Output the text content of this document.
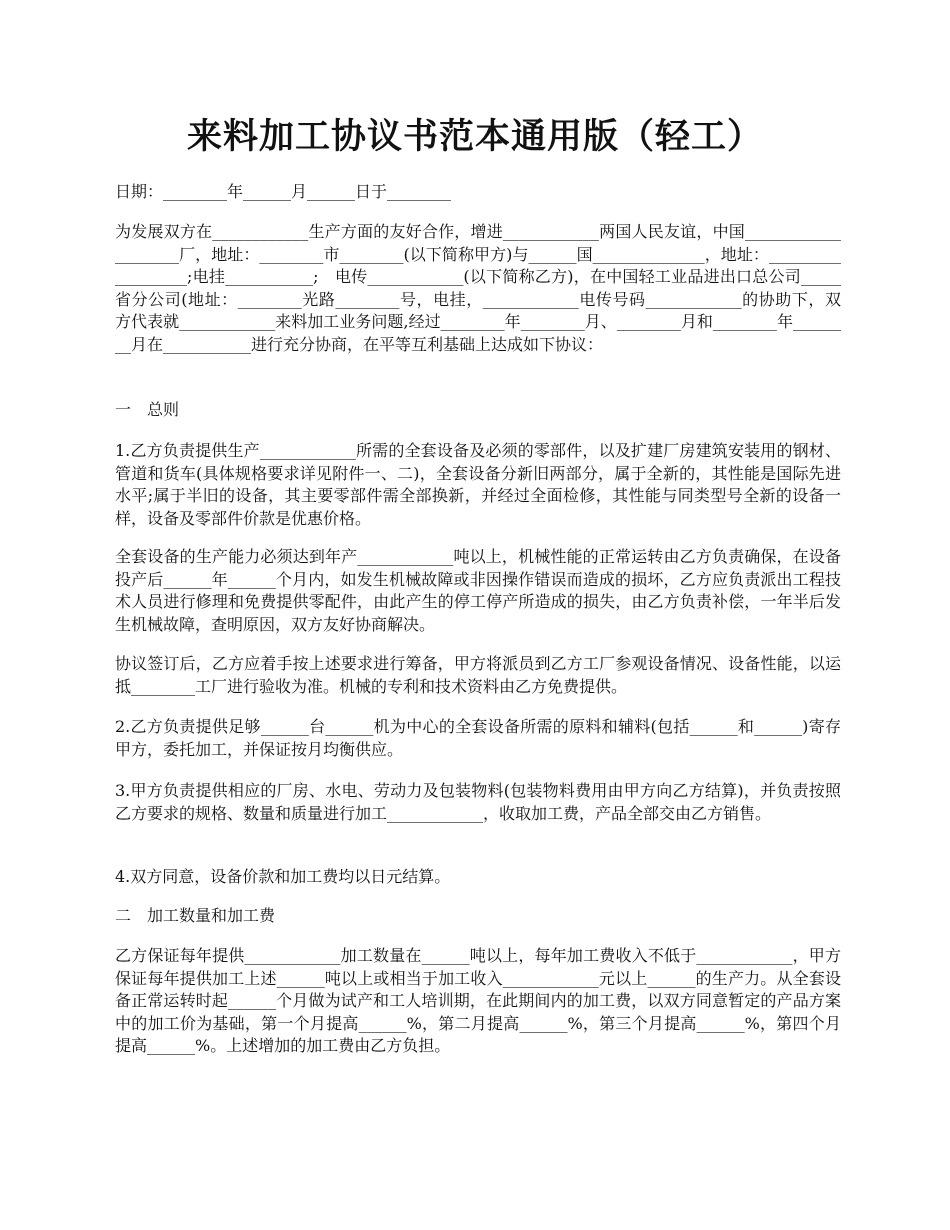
来料加工协议书范本通用版（轻工）

日期：________年______月______日于________

为发展双方在____________生产方面的友好合作，增进____________两国人民友谊，中国____________________厂，地址：________市________(以下简称甲方)与______国______________，地址：__________________;电挂___________;　电传____________(以下简称乙方)，在中国轻工业品进出口总公司_____省分公司(地址：________光路________号，电挂，____________电传号码____________的协助下，双方代表就____________来料加工业务问题,经过________年________月、________月和________年________月在___________进行充分协商，在平等互利基础上达成如下协议：

一　总则

1.乙方负责提供生产____________所需的全套设备及必须的零部件，以及扩建厂房建筑安装用的钢材、管道和货车(具体规格要求详见附件一、二)，全套设备分新旧两部分，属于全新的，其性能是国际先进水平;属于半旧的设备，其主要零部件需全部换新，并经过全面检修，其性能与同类型号全新的设备一样，设备及零部件价款是优惠价格。

全套设备的生产能力必须达到年产____________吨以上，机械性能的正常运转由乙方负责确保，在设备投产后______年______个月内，如发生机械故障或非因操作错误而造成的损坏，乙方应负责派出工程技术人员进行修理和免费提供零配件，由此产生的停工停产所造成的损失，由乙方负责补偿，一年半后发生机械故障，查明原因，双方友好协商解决。

协议签订后，乙方应着手按上述要求进行筹备，甲方将派员到乙方工厂参观设备情况、设备性能，以运抵________工厂进行验收为准。机械的专利和技术资料由乙方免费提供。

2.乙方负责提供足够______台______机为中心的全套设备所需的原料和辅料(包括______和______)寄存甲方，委托加工，并保证按月均衡供应。

3.甲方负责提供相应的厂房、水电、劳动力及包装物料(包装物料费用由甲方向乙方结算)，并负责按照乙方要求的规格、数量和质量进行加工____________，收取加工费，产品全部交由乙方销售。

4.双方同意，设备价款和加工费均以日元结算。

二　加工数量和加工费

乙方保证每年提供____________加工数量在______吨以上，每年加工费收入不低于____________，甲方保证每年提供加工上述______吨以上或相当于加工收入____________元以上______的生产力。从全套设备正常运转时起______个月做为试产和工人培训期，在此期间内的加工费，以双方同意暂定的产品方案中的加工价为基础，第一个月提高______%，第二月提高______%，第三个月提高______%，第四个月提高______%。上述增加的加工费由乙方负担。
